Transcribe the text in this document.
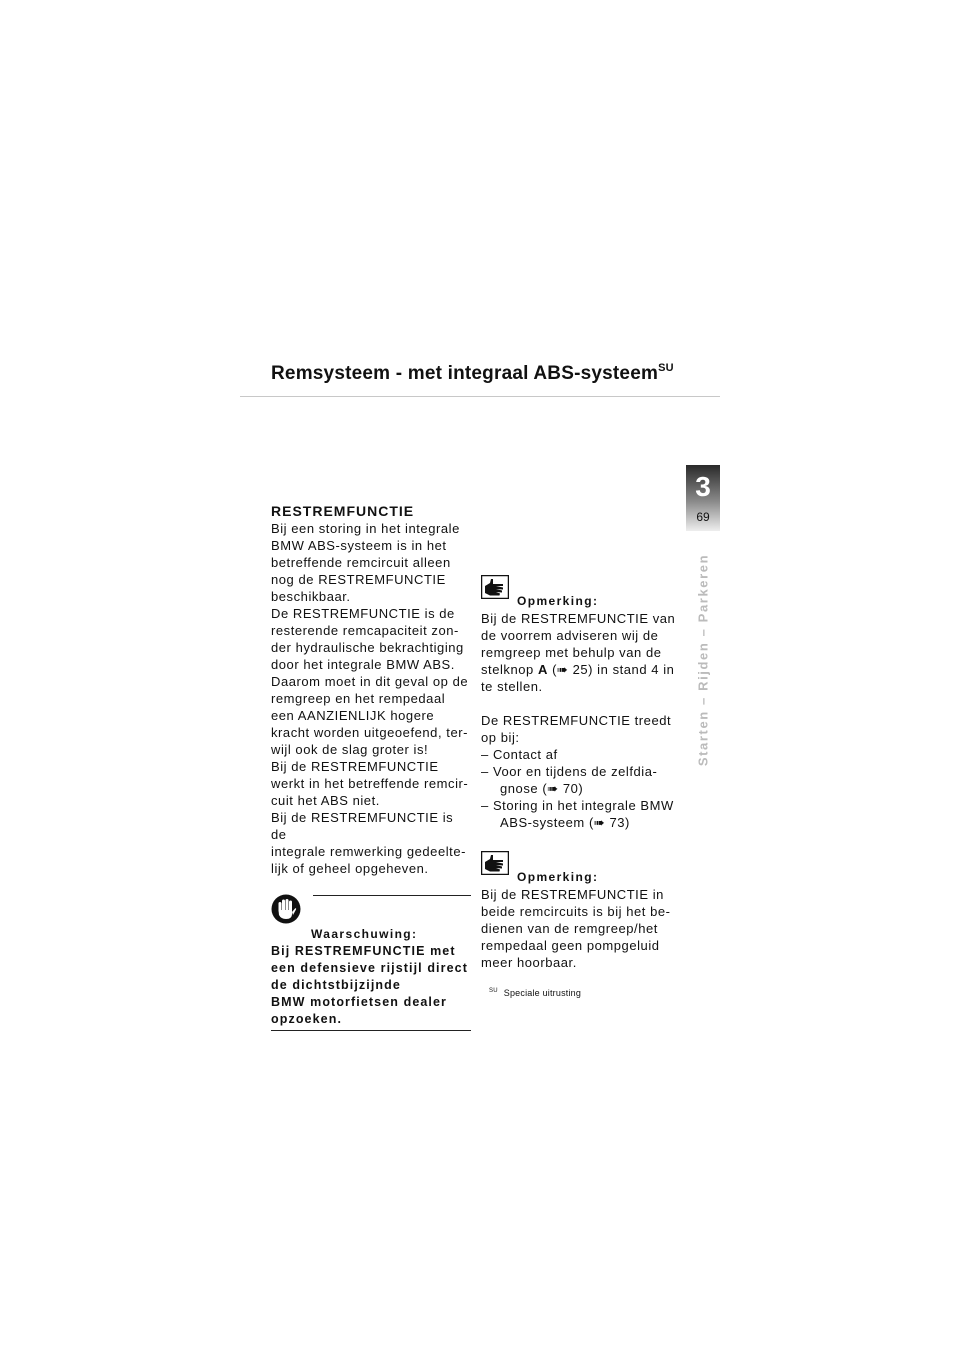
Remsysteem - met integraal ABS-systeem$^{SU}$
3
69
Starten – Rijden – Parkeren

RESTREMFUNCTIE

Bij een storing in het integrale

BMW ABS-systeem is in het

betreffende remcircuit alleen

nog de RESTREMFUNCTIE

beschikbaar.

De RESTREMFUNCTIE is de

resterende remcapaciteit zon-

der hydraulische bekrachtiging

door het integrale BMW ABS.

Daarom moet in dit geval op de

remgreep en het rempedaal

een AANZIENLIJK hogere

kracht worden uitgeoefend, ter-

wijl ook de slag groter is!

Bij de RESTREMFUNCTIE

werkt in het betreffende remcir-

cuit het ABS niet.

Bij de RESTREMFUNCTIE is de

integrale remwerking gedeelte-

lijk of geheel opgeheven.

Waarschuwing:

Bij RESTREMFUNCTIE met

een defensieve rijstijl direct

de dichtstbijzijnde

BMW motorfietsen dealer

opzoeken.

Opmerking:

Bij de RESTREMFUNCTIE van

de voorrem adviseren wij de

remgreep met behulp van de

stelknop A (➠ 25) in stand 4 in

te stellen.

De RESTREMFUNCTIE treedt

op bij:

– Contact af

– Voor en tijdens de zelfdia- gnose (➠ 70)

– Storing in het integrale BMW ABS-systeem (➠ 73)

Opmerking:

Bij de RESTREMFUNCTIE in

beide remcircuits is bij het be-

dienen van de remgreep/het

rempedaal geen pompgeluid

meer hoorbaar.

$^{SU}$ Speciale uitrusting
